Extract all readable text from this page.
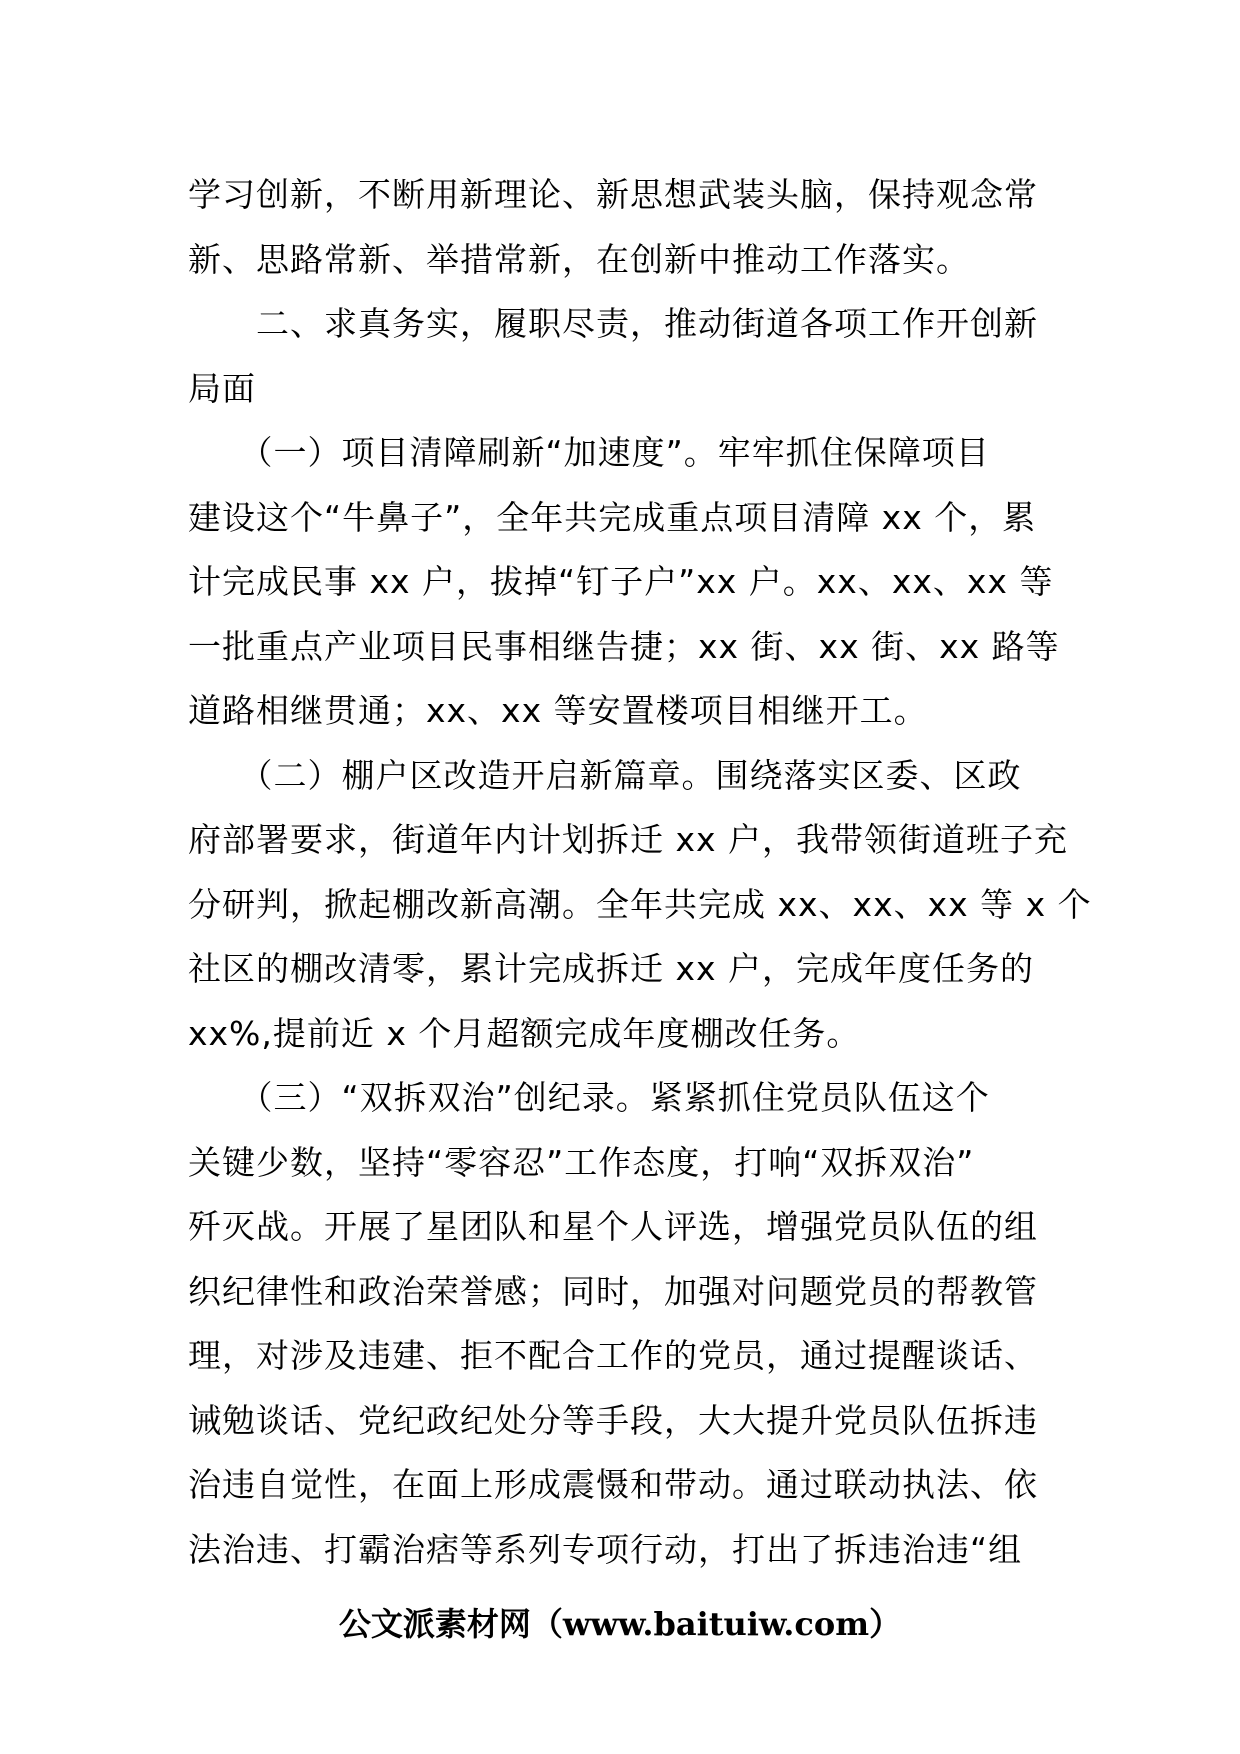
学习创新，不断用新理论、新思想武装头脑，保持观念常

新、思路常新、举措常新，在创新中推动工作落实。

　　二、求真务实，履职尽责，推动街道各项工作开创新

局面

　　（一）项目清障刷新“加速度”。牢牢抓住保障项目

建设这个“牛鼻子”，全年共完成重点项目清障 xx 个，累

计完成民事 xx 户，拔掉“钉子户”xx 户。xx、xx、xx 等

一批重点产业项目民事相继告捷；xx 街、xx 街、xx 路等

道路相继贯通；xx、xx 等安置楼项目相继开工。

　　（二）棚户区改造开启新篇章。围绕落实区委、区政

府部署要求，街道年内计划拆迁 xx 户，我带领街道班子充

分研判，掀起棚改新高潮。全年共完成 xx、xx、xx 等 x 个

社区的棚改清零，累计完成拆迁 xx 户，完成年度任务的

xx%,提前近 x 个月超额完成年度棚改任务。

　　（三）“双拆双治”创纪录。紧紧抓住党员队伍这个

关键少数，坚持“零容忍”工作态度，打响“双拆双治”

歼灭战。开展了星团队和星个人评选，增强党员队伍的组

织纪律性和政治荣誉感；同时，加强对问题党员的帮教管

理，对涉及违建、拒不配合工作的党员，通过提醒谈话、

诫勉谈话、党纪政纪处分等手段，大大提升党员队伍拆违

治违自觉性，在面上形成震慑和带动。通过联动执法、依

法治违、打霸治痞等系列专项行动，打出了拆违治违“组

公文派素材网（www.baituiw.com）
